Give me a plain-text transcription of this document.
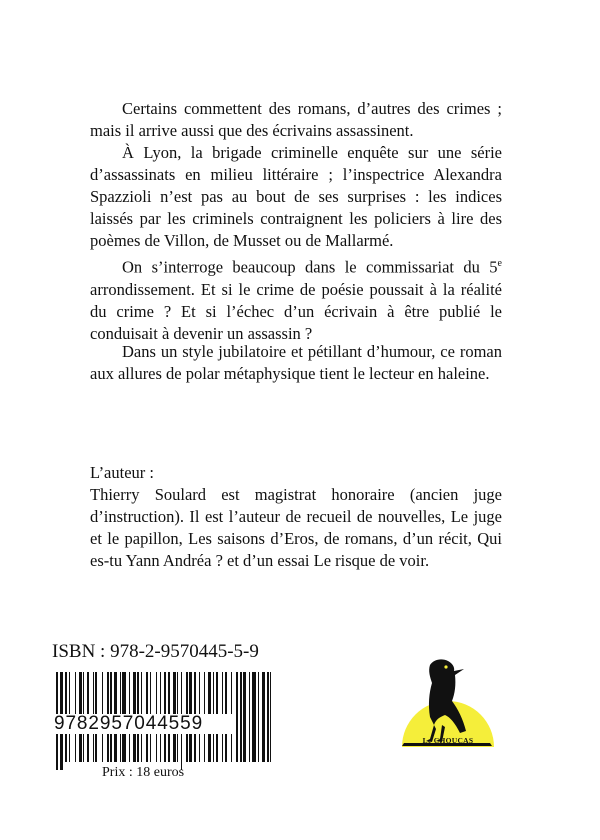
Certains commettent des romans, d’autres des crimes ; mais il arrive aussi que des écrivains assassinent.

À Lyon, la brigade criminelle enquête sur une série d’assassinats en milieu littéraire ; l’inspectrice Alexandra Spazzioli n’est pas au bout de ses surprises : les indices laissés par les criminels contraignent les policiers à lire des poèmes de Villon, de Musset ou de Mallarmé.

On s’interroge beaucoup dans le commissariat du 5e arrondissement. Et si le crime de poésie poussait à la réalité du crime ? Et si l’échec d’un écrivain à être publié le conduisait à devenir un assassin ?

Dans un style jubilatoire et pétillant d’humour, ce roman aux allures de polar métaphysique tient le lecteur en haleine.

L’auteur :

Thierry Soulard est magistrat honoraire (ancien juge d’instruction). Il est l’auteur de recueil de nouvelles, Le juge et le papillon, Les saisons d’Eros, de romans, d’un récit, Qui es-tu Yann Andréa ? et d’un essai Le risque de voir.

ISBN : 978-2-9570445-5-9
9782957044559
Prix : 18 euros
Le CHOUCAS
